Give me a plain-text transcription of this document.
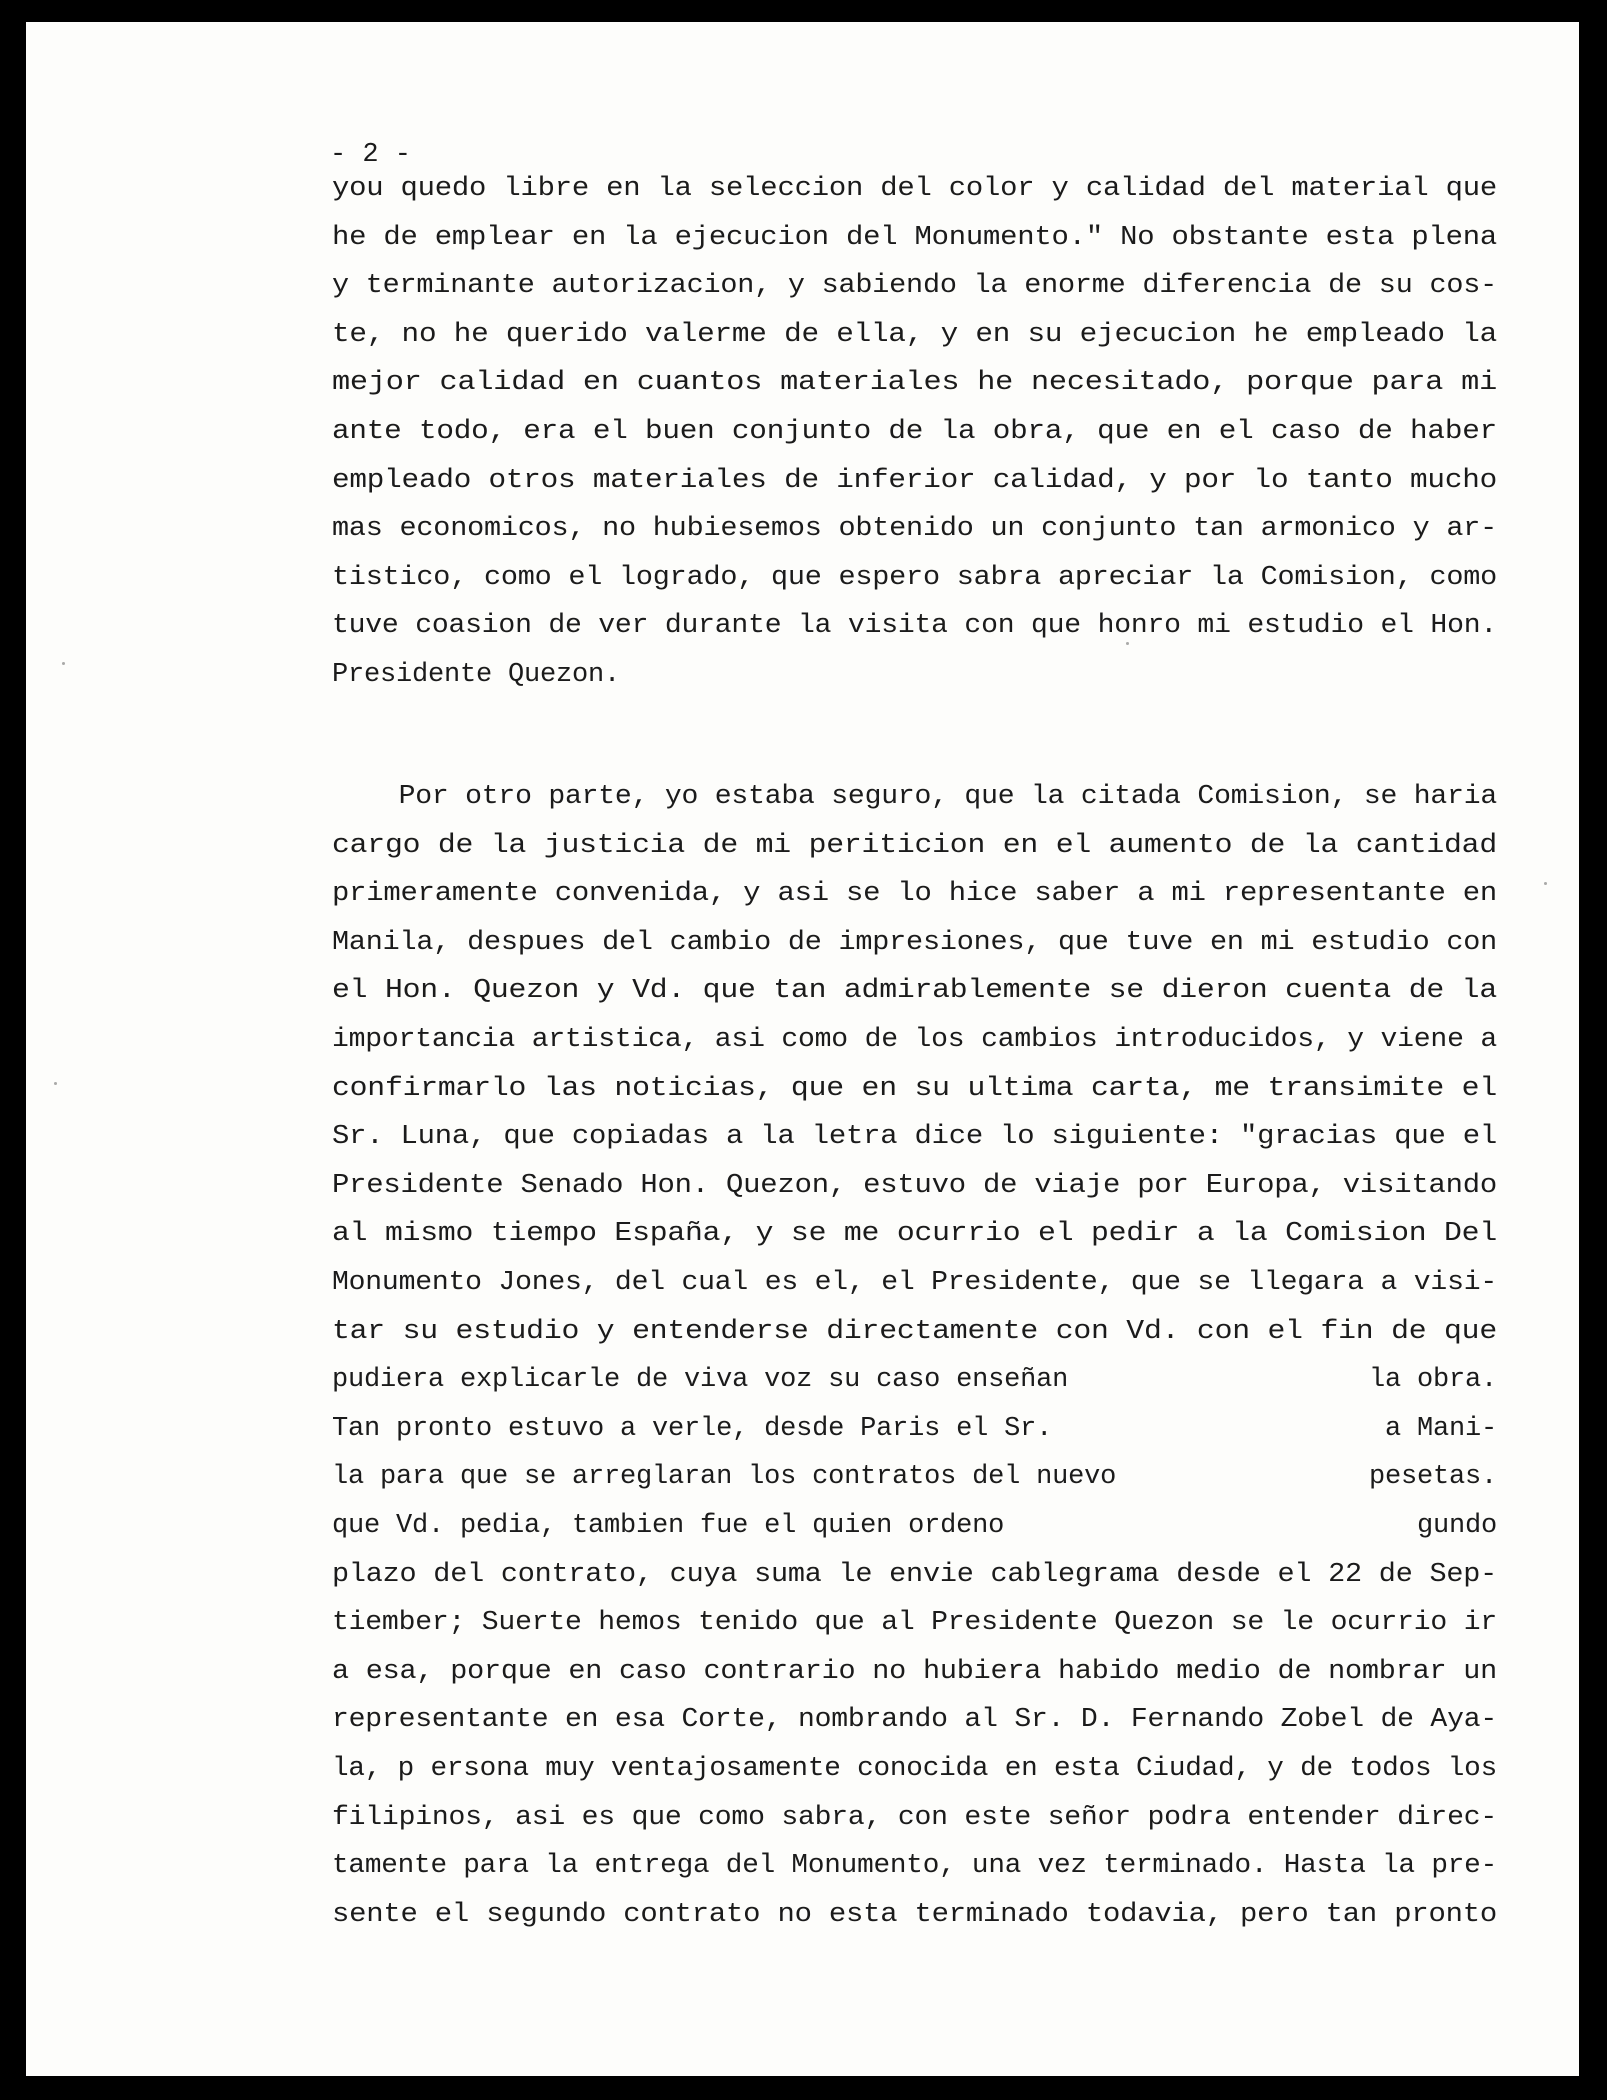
- 2 -
you quedo libre en la seleccion del color y calidad del material que
he de emplear en la ejecucion del Monumento." No obstante esta plena
y terminante autorizacion, y sabiendo la enorme diferencia de su cos-
te, no he querido valerme de ella, y en su ejecucion he empleado la
mejor calidad en cuantos materiales he necesitado, porque para mi
ante todo, era el buen conjunto de la obra, que en el caso de haber
empleado otros materiales de inferior calidad, y por lo tanto mucho
mas economicos, no hubiesemos obtenido un conjunto tan armonico y ar-
tistico, como el logrado, que espero sabra apreciar la Comision, como
tuve coasion de ver durante la visita con que honro mi estudio el Hon.
Presidente Quezon.
Por otro parte, yo estaba seguro, que la citada Comision, se haria
cargo de la justicia de mi periticion en el aumento de la cantidad
primeramente convenida, y asi se lo hice saber a mi representante en
Manila, despues del cambio de impresiones, que tuve en mi estudio con
el Hon. Quezon y Vd. que tan admirablemente se dieron cuenta de la
importancia artistica, asi como de los cambios introducidos, y viene a
confirmarlo las noticias, que en su ultima carta, me transimite el
Sr. Luna, que copiadas a la letra dice lo siguiente: "gracias que el
Presidente Senado Hon. Quezon, estuvo de viaje por Europa, visitando
al mismo tiempo España, y se me ocurrio el pedir a la Comision Del
Monumento Jones, del cual es el, el Presidente, que se llegara a visi-
tar su estudio y entenderse directamente con Vd. con el fin de que
pudiera explicarle de viva voz su caso enseñan	la obra.
Tan pronto estuvo a verle, desde Paris el Sr.	a Mani-
la para que se arreglaran los contratos del nuevo	pesetas.
que Vd. pedia, tambien fue el quien ordeno	gundo
plazo del contrato, cuya suma le envie cablegrama desde el 22 de Sep-
tiember; Suerte hemos tenido que al Presidente Quezon se le ocurrio ir
a esa, porque en caso contrario no hubiera habido medio de nombrar un
representante en esa Corte, nombrando al Sr. D. Fernando Zobel de Aya-
la, p ersona muy ventajosamente conocida en esta Ciudad, y de todos los
filipinos, asi es que como sabra, con este señor podra entender direc-
tamente para la entrega del Monumento, una vez terminado. Hasta la pre-
sente el segundo contrato no esta terminado todavia, pero tan pronto
